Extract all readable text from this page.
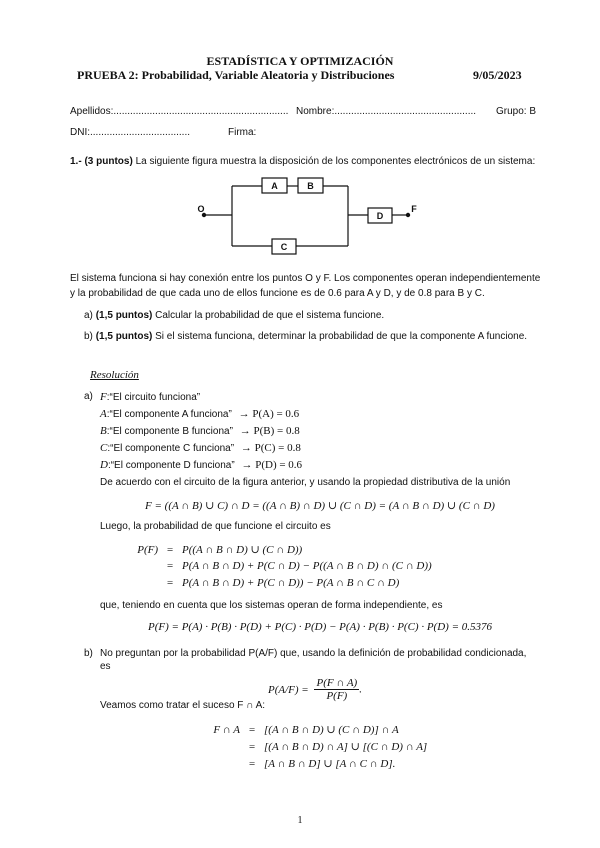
ESTADÍSTICA Y OPTIMIZACIÓN
PRUEBA 2: Probabilidad, Variable Aleatoria y Distribuciones	9/05/2023
Apellidos:............................................................... Nombre:................................................... Grupo: B
DNI:....................................	Firma:
1.- (3 puntos) La siguiente figura muestra la disposición de los componentes electrónicos de un sistema:
O	F
A	B
C
D
El sistema funciona si hay conexión entre los puntos O y F. Los componentes operan independientemente
y la probabilidad de que cada uno de ellos funcione es de 0.6 para A y D, y de 0.8 para B y C.
a) (1,5 puntos) Calcular la probabilidad de que el sistema funcione.
b) (1,5 puntos) Si el sistema funciona, determinar la probabilidad de que la componente A funcione.
Resolución
a) F:“El circuito funciona”
A:“El componente A funciona” → P(A) = 0.6
B:“El componente B funciona” → P(B) = 0.8
C:“El componente C funciona” → P(C) = 0.8
D:“El componente D funciona” → P(D) = 0.6
De acuerdo con el circuito de la figura anterior, y usando la propiedad distributiva de la unión
F = ((A ∩ B) ∪ C) ∩ D = ((A ∩ B) ∩ D) ∪ (C ∩ D) = (A ∩ B ∩ D) ∪ (C ∩ D)
Luego, la probabilidad de que funcione el circuito es
P(F) = P((A ∩ B ∩ D) ∪ (C ∩ D))
= P(A ∩ B ∩ D) + P(C ∩ D) − P((A ∩ B ∩ D) ∩ (C ∩ D))
= P(A ∩ B ∩ D) + P(C ∩ D)) − P(A ∩ B ∩ C ∩ D)
que, teniendo en cuenta que los sistemas operan de forma independiente, es
P(F) = P(A) · P(B) · P(D) + P(C) · P(D) − P(A) · P(B) · P(C) · P(D) = 0.5376
b) No preguntan por la probabilidad P(A/F) que, usando la definición de probabilidad condicionada,
es
$P(A/F) = \frac{P(F \cap A)}{P(F)}$ .
Veamos como tratar el suceso F ∩ A:
F ∩ A = [(A ∩ B ∩ D) ∪ (C ∩ D)] ∩ A
= [(A ∩ B ∩ D) ∩ A] ∪ [(C ∩ D) ∩ A]
= [A ∩ B ∩ D] ∪ [A ∩ C ∩ D].
1
